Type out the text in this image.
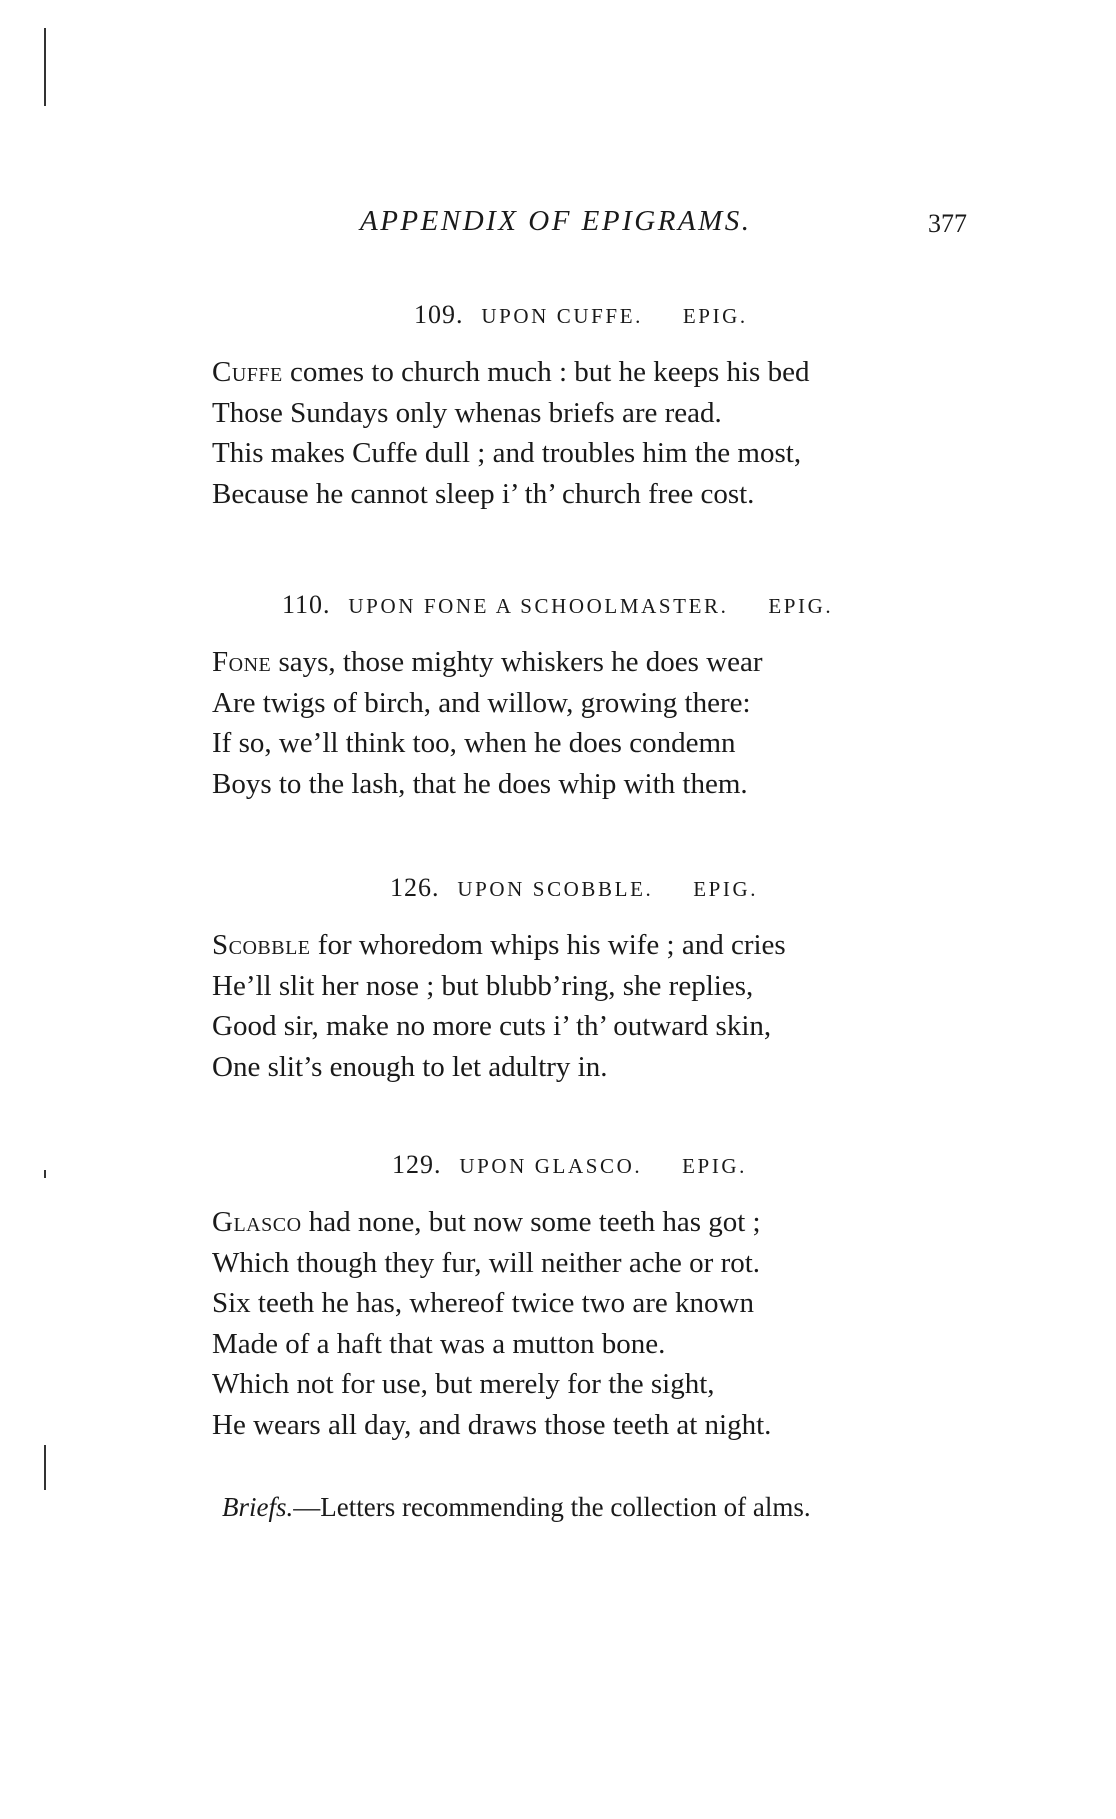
APPENDIX OF EPIGRAMS.	377
109. UPON CUFFE. EPIG.
Cuffe comes to church much : but he keeps his bed
Those Sundays only whenas briefs are read.
This makes Cuffe dull ; and troubles him the most,
Because he cannot sleep i’ th’ church free cost.
110. UPON FONE A SCHOOLMASTER. EPIG.
Fone says, those mighty whiskers he does wear
Are twigs of birch, and willow, growing there:
If so, we’ll think too, when he does condemn
Boys to the lash, that he does whip with them.
126. UPON SCOBBLE. EPIG.
Scobble for whoredom whips his wife ; and cries
He’ll slit her nose ; but blubb’ring, she replies,
Good sir, make no more cuts i’ th’ outward skin,
One slit’s enough to let adultry in.
129. UPON GLASCO. EPIG.
Glasco had none, but now some teeth has got ;
Which though they fur, will neither ache or rot.
Six teeth he has, whereof twice two are known
Made of a haft that was a mutton bone.
Which not for use, but merely for the sight,
He wears all day, and draws those teeth at night.
Briefs.—Letters recommending the collection of alms.
